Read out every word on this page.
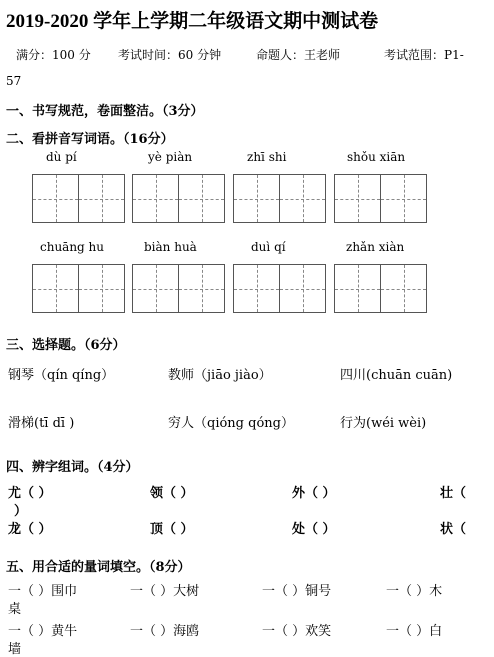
2019-2020 学年上学期二年级语文期中测试卷
满分：100 分 考试时间：60 分钟	命题人：王老师	考试范围：P1-
57
一、书写规范，卷面整洁。（3分）
二、看拼音写词语。（16分）
dù pí	yè piàn	zhī shi	shǒu xiān
chuāng hu	biàn huà	duì qí	zhǎn xiàn
三、选择题。（6分）
钢琴（qín qíng）	教师（jiāo jiào）	四川(chuān cuān)
滑梯(tī dī )	穷人（qióng qóng）	行为(wéi wèi)
四、辨字组词。（4分）
尤（ ）	领（ ）	外（ ）	壮（
龙（ ）	顶（ ）	处（ ）	状（
）
五、用合适的量词填空。（8分）
一（ ）围巾	一（ ）大树	一（ ）铜号	一（ ）木
桌
一（ ）黄牛	一（ ）海鸥	一（ ）欢笑	一（ ）白
墙
